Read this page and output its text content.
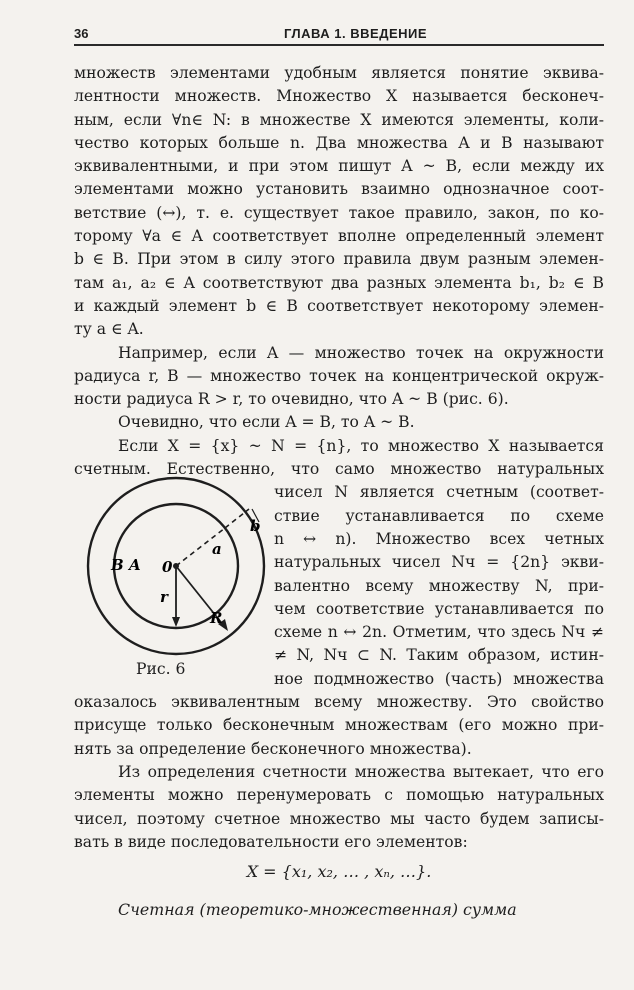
36	ГЛАВА 1. ВВЕДЕНИЕ
множеств элементами удобным является понятие эквива-
лентности множеств. Множество X называется бесконеч-
ным, если ∀n∈ N: в множестве X имеются элементы, коли-
чество которых больше n. Два множества A и B называют
эквивалентными, и при этом пишут A ~ B, если между их
элементами можно установить взаимно однозначное соот-
ветствие (↔), т. е. существует такое правило, закон, по ко-
торому ∀a ∈ A соответствует вполне определенный элемент
b ∈ B. При этом в силу этого правила двум разным элемен-
там a₁, a₂ ∈ A соответствуют два разных элемента b₁, b₂ ∈ B
и каждый элемент b ∈ B соответствует некоторому элемен-
ту a ∈ A.
Например, если A — множество точек на окружности
радиуса r, B — множество точек на концентрической окруж-
ности радиуса R > r, то очевидно, что A ~ B (рис. 6).
Очевидно, что если A = B, то A ~ B.
Если X = {x} ~ N = {n}, то множество X называется
счетным. Естественно, что само множество натуральных
чисел N является счетным (соответ-
ствие устанавливается по схеме
n ↔ n). Множество всех четных
натуральных чисел Nч = {2n} экви-
валентно всему множеству N, при-
чем соответствие устанавливается по
схеме n ↔ 2n. Отметим, что здесь Nч ≠
≠ N, Nч ⊂ N. Таким образом, истин-
ное подмножество (часть) множества
оказалось эквивалентным всему множеству. Это свойство
присуще только бесконечным множествам (его можно при-
нять за определение бесконечного множества).
Из определения счетности множества вытекает, что его
элементы можно перенумеровать с помощью натуральных
чисел, поэтому счетное множество мы часто будем записы-
вать в виде последовательности его элементов:
B A 0
a
b
r
R
Рис. 6
X = {x₁, x₂, … , xₙ, …}.
Счетная (теоретико-множественная) сумма
